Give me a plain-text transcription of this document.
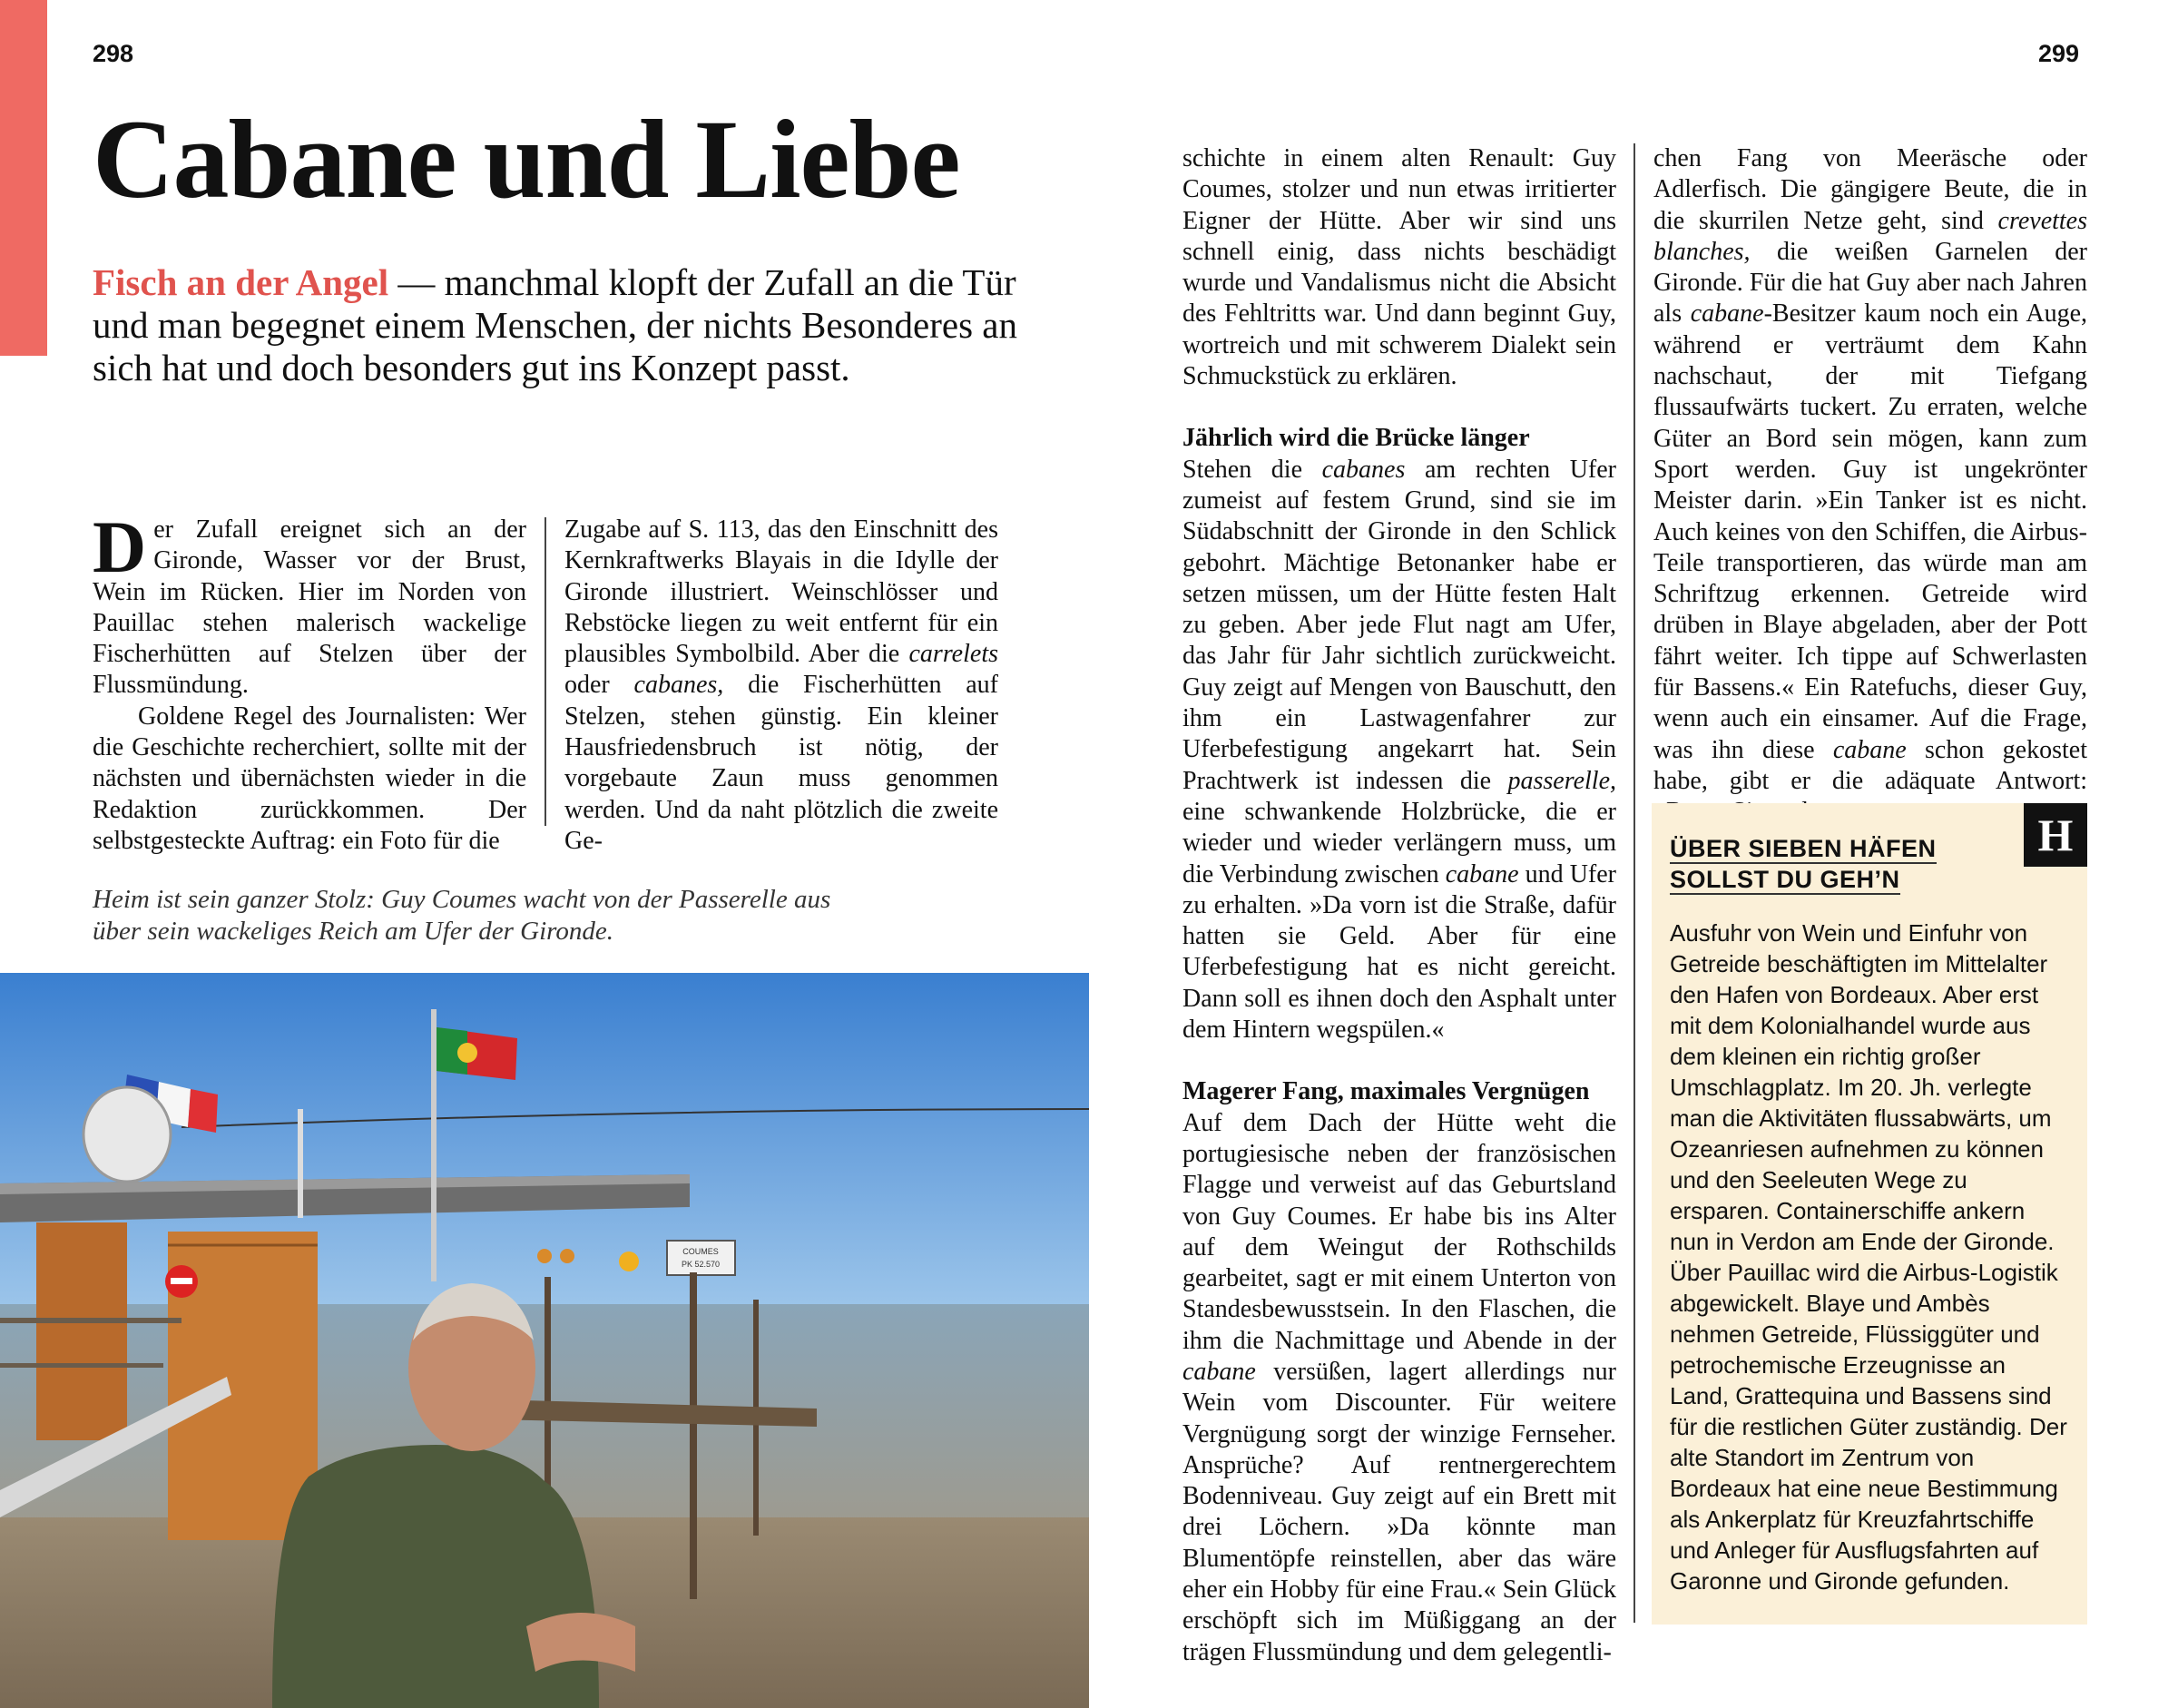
298	299
Cabane und Liebe
Fisch an der Angel — manchmal klopft der Zufall an die Tür und man begegnet einem Menschen, der nichts Besonderes an sich hat und doch besonders gut ins Konzept passt.

Der Zufall ereignet sich an der Gironde, Wasser vor der Brust, Wein im Rücken. Hier im Norden von Pauillac stehen malerisch wackelige Fischerhütten auf Stelzen über der Flussmündung.

Goldene Regel des Journalisten: Wer die Geschichte recherchiert, sollte mit der nächsten und übernächsten wieder in die Redaktion zurückkommen. Der selbstgesteckte Auftrag: ein Foto für die

Zugabe auf S. 113, das den Einschnitt des Kernkraftwerks Blayais in die Idylle der Gironde illustriert. Weinschlösser und Rebstöcke liegen zu weit entfernt für ein plausibles Symbolbild. Aber die carrelets oder cabanes, die Fischerhütten auf Stelzen, stehen günstig. Ein kleiner Hausfriedensbruch ist nötig, der vorgebaute Zaun muss genommen werden. Und da naht plötzlich die zweite Ge-

Heim ist sein ganzer Stolz: Guy Coumes wacht von der Passerelle aus über sein wackeliges Reich am Ufer der Gironde.

schichte in einem alten Renault: Guy Coumes, stolzer und nun etwas irritierter Eigner der Hütte. Aber wir sind uns schnell einig, dass nichts beschädigt wurde und Vandalismus nicht die Absicht des Fehltritts war. Und dann beginnt Guy, wortreich und mit schwerem Dialekt sein Schmuckstück zu erklären.

Jährlich wird die Brücke länger

Stehen die cabanes am rechten Ufer zumeist auf festem Grund, sind sie im Südabschnitt der Gironde in den Schlick gebohrt. Mächtige Betonanker habe er setzen müssen, um der Hütte festen Halt zu geben. Aber jede Flut nagt am Ufer, das Jahr für Jahr sichtlich zurückweicht. Guy zeigt auf Mengen von Bauschutt, den ihm ein Lastwagenfahrer zur Uferbefestigung angekarrt hat. Sein Prachtwerk ist indessen die passerelle, eine schwankende Holzbrücke, die er wieder und wieder verlängern muss, um die Verbindung zwischen cabane und Ufer zu erhalten. »Da vorn ist die Straße, dafür hatten sie Geld. Aber für eine Uferbefestigung hat es nicht gereicht. Dann soll es ihnen doch den Asphalt unter dem Hintern wegspülen.«

Magerer Fang, maximales Vergnügen

Auf dem Dach der Hütte weht die portugiesische neben der französischen Flagge und verweist auf das Geburtsland von Guy Coumes. Er habe bis ins Alter auf dem Weingut der Rothschilds gearbeitet, sagt er mit einem Unterton von Standesbewusstsein. In den Flaschen, die ihm die Nachmittage und Abende in der cabane versüßen, lagert allerdings nur Wein vom Discounter. Für weitere Vergnügung sorgt der winzige Fernseher. Ansprüche? Auf rentnergerechtem Bodenniveau. Guy zeigt auf ein Brett mit drei Löchern. »Da könnte man Blumentöpfe reinstellen, aber das wäre eher ein Hobby für eine Frau.« Sein Glück erschöpft sich im Müßiggang an der trägen Flussmündung und dem gelegentli-

chen Fang von Meeräsche oder Adlerfisch. Die gängigere Beute, die in die skurrilen Netze geht, sind crevettes blanches, die weißen Garnelen der Gironde. Für die hat Guy aber nach Jahren als cabane-Besitzer kaum noch ein Auge, während er verträumt dem Kahn nachschaut, der mit Tiefgang flussaufwärts tuckert. Zu erraten, welche Güter an Bord sein mögen, kann zum Sport werden. Guy ist ungekrönter Meister darin. »Ein Tanker ist es nicht. Auch keines von den Schiffen, die Airbus-Teile transportieren, das würde man am Schriftzug erkennen. Getreide wird drüben in Blaye abgeladen, aber der Pott fährt weiter. Ich tippe auf Schwerlasten für Bassens.« Ein Ratefuchs, dieser Guy, wenn auch ein einsamer. Auf die Frage, was ihn diese cabane schon gekostet habe, gibt er die adäquate Antwort:

H
ÜBER SIEBEN HÄFEN
SOLLST DU GEH’N
Ausfuhr von Wein und Einfuhr von Getreide beschäftigten im Mittelalter den Hafen von Bordeaux. Aber erst mit dem Kolonialhandel wurde aus dem kleinen ein richtig großer Umschlagplatz. Im 20. Jh. verlegte man die Aktivitäten flussabwärts, um Ozeanriesen aufnehmen zu können und den Seeleuten Wege zu ersparen. Containerschiffe ankern nun in Verdon am Ende der Gironde. Über Pauillac wird die Airbus-Logistik abgewickelt. Blaye und Ambès nehmen Getreide, Flüssiggüter und petrochemische Erzeugnisse an Land, Grattequina und Bassens sind für die restlichen Güter zuständig. Der alte Standort im Zentrum von Bordeaux hat eine neue Bestimmung als Ankerplatz für Kreuzfahrtschiffe und Anleger für Ausflugsfahrten auf Garonne und Gironde gefunden.
COUMES
PK 52.570
